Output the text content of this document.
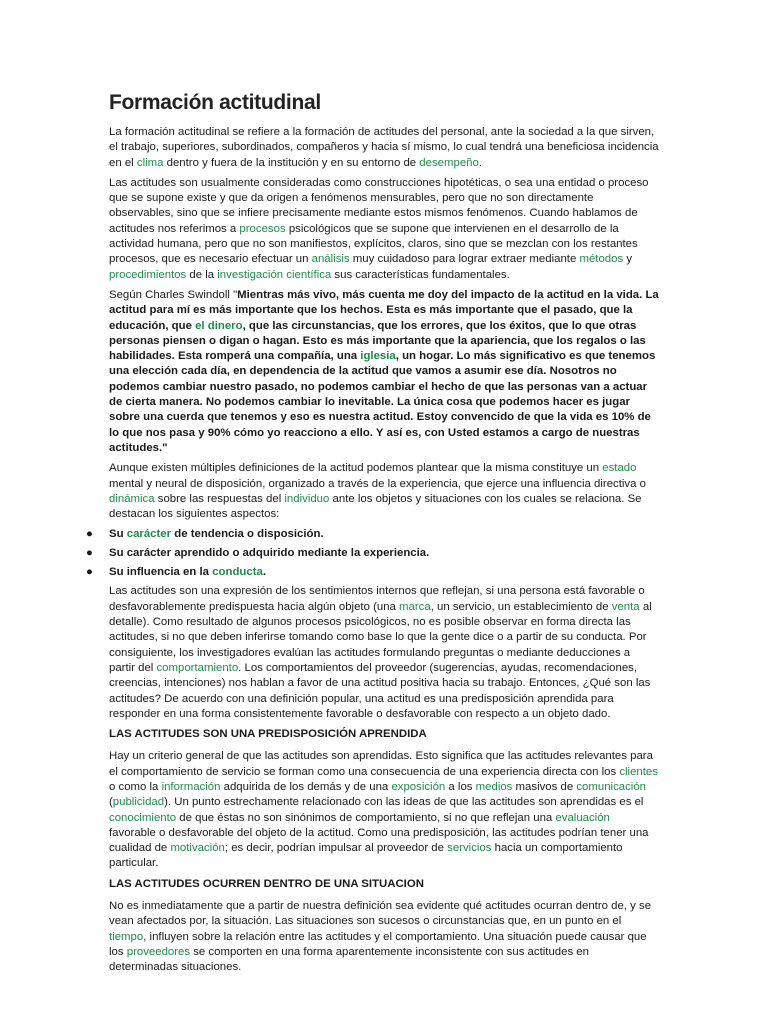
Formación actitudinal

La formación actitudinal se refiere a la formación de actitudes del personal, ante la sociedad a la que sirven, el trabajo, superiores, subordinados, compañeros y hacia sí mismo, lo cual tendrá una beneficiosa incidencia en el clima dentro y fuera de la institución y en su entorno de desempeño.

Las actitudes son usualmente consideradas como construcciones hipotéticas, o sea una entidad o proceso que se supone existe y que da origen a fenómenos mensurables, pero que no son directamente observables, sino que se infiere precisamente mediante estos mismos fenómenos. Cuando hablamos de actitudes nos referimos a procesos psicológicos que se supone que intervienen en el desarrollo de la actividad humana, pero que no son manifiestos, explícitos, claros, sino que se mezclan con los restantes procesos, que es necesario efectuar un análisis muy cuidadoso para lograr extraer mediante métodos y procedimientos de la investigación científica sus características fundamentales.

Según Charles Swindoll "Mientras más vivo, más cuenta me doy del impacto de la actitud en la vida. La actitud para mí es más importante que los hechos. Esta es más importante que el pasado, que la educación, que el dinero, que las circunstancias, que los errores, que los éxitos, que lo que otras personas piensen o digan o hagan. Esto es más importante que la apariencia, que los regalos o las habilidades. Esta romperá una compañía, una iglesia, un hogar. Lo más significativo es que tenemos una elección cada día, en dependencia de la actitud que vamos a asumir ese día. Nosotros no podemos cambiar nuestro pasado, no podemos cambiar el hecho de que las personas van a actuar de cierta manera. No podemos cambiar lo inevitable. La única cosa que podemos hacer es jugar sobre una cuerda que tenemos y eso es nuestra actitud. Estoy convencido de que la vida es 10% de lo que nos pasa y 90% cómo yo reacciono a ello. Y así es, con Usted estamos a cargo de nuestras actitudes."

Aunque existen múltiples definiciones de la actitud podemos plantear que la misma constituye un estado mental y neural de disposición, organizado a través de la experiencia, que ejerce una influencia directiva o dinámica sobre las respuestas del individuo ante los objetos y situaciones con los cuales se relaciona. Se destacan los siguientes aspectos:

● Su carácter de tendencia o disposición.
● Su carácter aprendido o adquirido mediante la experiencia.
● Su influencia en la conducta.

Las actitudes son una expresión de los sentimientos internos que reflejan, si una persona está favorable o desfavorablemente predispuesta hacia algún objeto (una marca, un servicio, un establecimiento de venta al detalle). Como resultado de algunos procesos psicológicos, no es posible observar en forma directa las actitudes, si no que deben inferirse tomando como base lo que la gente dice o a partir de su conducta. Por consiguiente, los investigadores evalúan las actitudes formulando preguntas o mediante deducciones a partir del comportamiento. Los comportamientos del proveedor (sugerencias, ayudas, recomendaciones, creencias, intenciones) nos hablan a favor de una actitud positiva hacia su trabajo. Entonces, ¿Qué son las actitudes? De acuerdo con una definición popular, una actitud es una predisposición aprendida para responder en una forma consistentemente favorable o desfavorable con respecto a un objeto dado.

LAS ACTITUDES SON UNA PREDISPOSICIÓN APRENDIDA

Hay un criterio general de que las actitudes son aprendidas. Esto significa que las actitudes relevantes para el comportamiento de servicio se forman como una consecuencia de una experiencia directa con los clientes o como la información adquirida de los demás y de una exposición a los medios masivos de comunicación (publicidad). Un punto estrechamente relacionado con las ideas de que las actitudes son aprendidas es el conocimiento de que éstas no son sinónimos de comportamiento, si no que reflejan una evaluación favorable o desfavorable del objeto de la actitud. Como una predisposición, las actitudes podrían tener una cualidad de motivación; es decir, podrían impulsar al proveedor de servicios hacia un comportamiento particular.

LAS ACTITUDES OCURREN DENTRO DE UNA SITUACION

No es inmediatamente que a partir de nuestra definición sea evidente qué actitudes ocurran dentro de, y se vean afectados por, la situación. Las situaciones son sucesos o circunstancias que, en un punto en el tiempo, influyen sobre la relación entre las actitudes y el comportamiento. Una situación puede causar que los proveedores se comporten en una forma aparentemente inconsistente con sus actitudes en determinadas situaciones.
